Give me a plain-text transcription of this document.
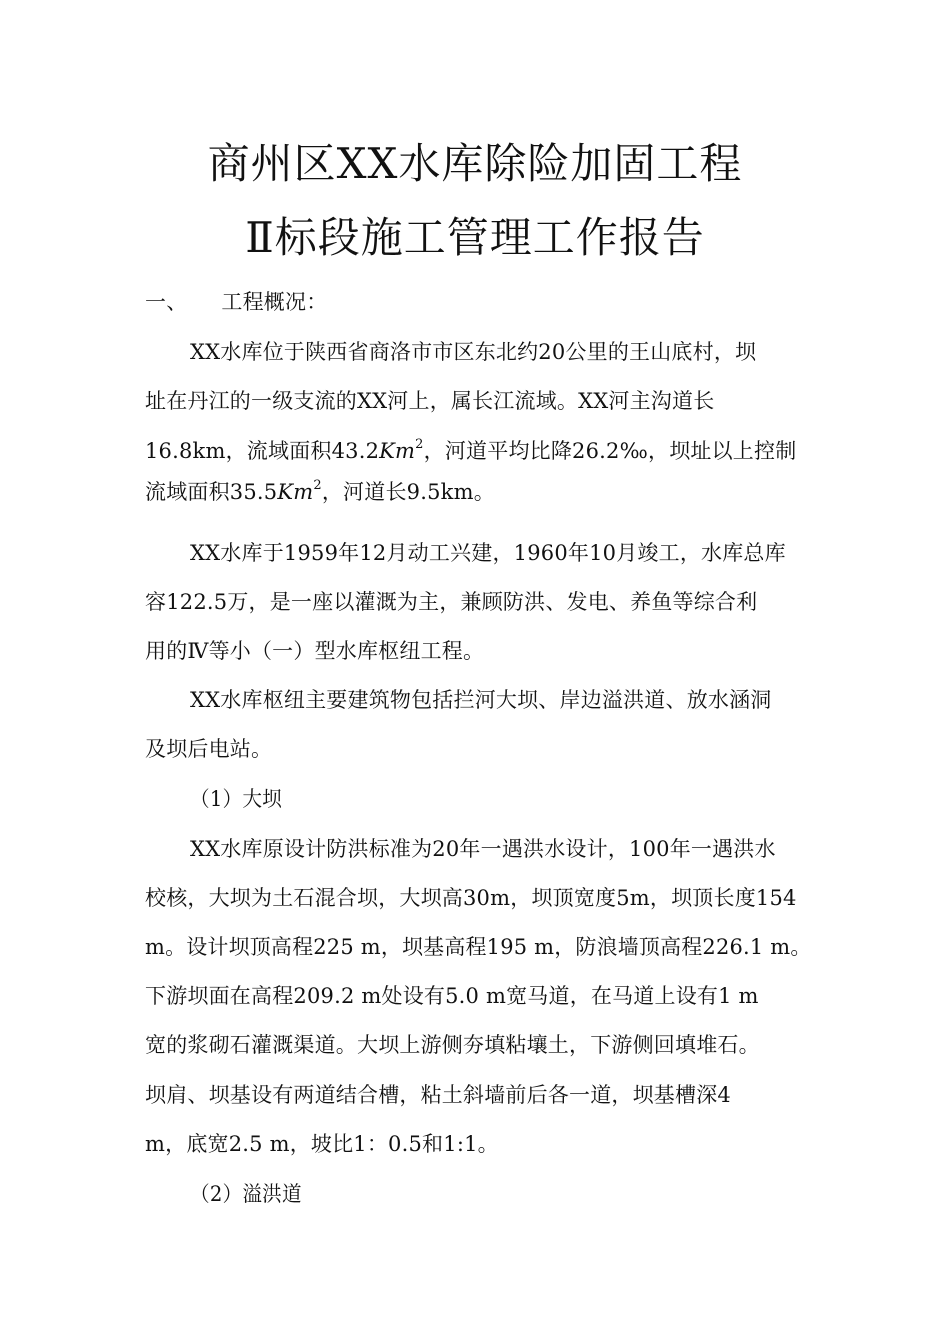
商州区XX水库除险加固工程
Ⅱ标段施工管理工作报告
一、 工程概况：
XX水库位于陕西省商洛市市区东北约20公里的王山底村，坝
址在丹江的一级支流的XX河上，属长江流域。XX河主沟道长
16.8km，流域面积43.2Km$^2$，河道平均比降26.2‰，坝址以上控制
流域面积35.5Km$^2$，河道长9.5km。
XX水库于1959年12月动工兴建，1960年10月竣工，水库总库
容122.5万，是一座以灌溉为主，兼顾防洪、发电、养鱼等综合利
用的Ⅳ等小（一）型水库枢纽工程。
XX水库枢纽主要建筑物包括拦河大坝、岸边溢洪道、放水涵洞
及坝后电站。
（1）大坝
XX水库原设计防洪标准为20年一遇洪水设计，100年一遇洪水
校核，大坝为土石混合坝，大坝高30m，坝顶宽度5m，坝顶长度154
m。设计坝顶高程225 m，坝基高程195 m，防浪墙顶高程226.1 m。
下游坝面在高程209.2 m处设有5.0 m宽马道，在马道上设有1 m
宽的浆砌石灌溉渠道。大坝上游侧夯填粘壤土，下游侧回填堆石。
坝肩、坝基设有两道结合槽，粘土斜墙前后各一道，坝基槽深4
m，底宽2.5 m，坡比1：0.5和1:1。
（2）溢洪道
